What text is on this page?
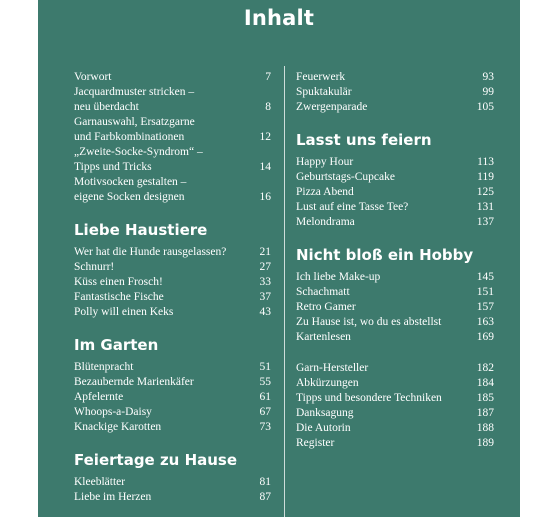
Inhalt
Vorwort	7
Jacquardmuster stricken –
neu überdacht	8
Garnauswahl, Ersatzgarne
und Farbkombinationen	12
„Zweite-Socke-Syndrom“ –
Tipps und Tricks	14
Motivsocken gestalten –
eigene Socken designen	16
Liebe Haustiere
Wer hat die Hunde rausgelassen?	21
Schnurr!	27
Küss einen Frosch!	33
Fantastische Fische	37
Polly will einen Keks	43
Im Garten
Blütenpracht	51
Bezaubernde Marienkäfer	55
Apfelernte	61
Whoops-a-Daisy	67
Knackige Karotten	73
Feiertage zu Hause
Kleeblätter	81
Liebe im Herzen	87
Feuerwerk	93
Spuktakulär	99
Zwergenparade	105
Lasst uns feiern
Happy Hour	113
Geburtstags-Cupcake	119
Pizza Abend	125
Lust auf eine Tasse Tee?	131
Melondrama	137
Nicht bloß ein Hobby
Ich liebe Make-up	145
Schachmatt	151
Retro Gamer	157
Zu Hause ist, wo du es abstellst	163
Kartenlesen	169
Garn-Hersteller	182
Abkürzungen	184
Tipps und besondere Techniken	185
Danksagung	187
Die Autorin	188
Register	189
